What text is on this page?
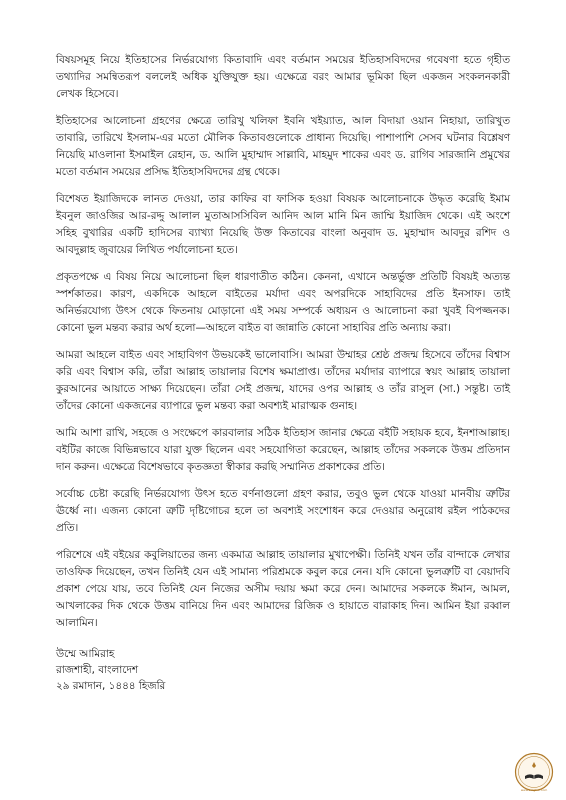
বিষয়সমূহ নিয়ে ইতিহাসের নির্ভরযোগ্য কিতাবাদি এবং বর্তমান সময়ের ইতিহাসবিদদের গবেষণা হতে গৃহীত তথ্যাদির সমন্বিতরূপ বললেই অধিক যুক্তিযুক্ত হয়। এক্ষেত্রে বরং আমার ভূমিকা ছিল একজন সংকলনকারী লেখক হিসেবে।

ইতিহাসের আলোচনা গ্রহণের ক্ষেত্রে তারিখু খলিফা ইবনি খইয়্যাত, আল বিদায়া ওয়ান নিহায়া, তারিখুত তাবারি, তারিখে ইসলাম-এর মতো মৌলিক কিতাবগুলোকে প্রাধান্য দিয়েছি। পাশাপাশি সেসব ঘটনার বিশ্লেষণ নিয়েছি মাওলানা ইসমাইল রেহান, ড. আলি মুহাম্মাদ সাল্লাবি, মাহমুদ শাকের এবং ড. রাগিব সারজানি প্রমুখের মতো বর্তমান সময়ের প্রসিদ্ধ ইতিহাসবিদদের গ্রন্থ থেকে।

বিশেষত ইয়াজিদকে লানত দেওয়া, তার কাফির বা ফাসিক হওয়া বিষয়ক আলোচনাকে উদ্ধৃত করেছি ইমাম ইবনুল জাওজির আর-রদ্দু আলাল মুতাআসসিবিল আনিদ আল মানি মিন জাম্মি ইয়াজিদ থেকে। এই অংশে সহিহ বুখারির একটি হাদিসের ব্যাখ্যা নিয়েছি উক্ত কিতাবের বাংলা অনুবাদ ড. মুহাম্মাদ আবদুর রশিদ ও আবদুল্লাহ জুবায়ের লিখিত পর্যালোচনা হতে।

প্রকৃতপক্ষে এ বিষয় নিয়ে আলোচনা ছিল ধারণাতীত কঠিন। কেননা, এখানে অন্তর্ভুক্ত প্রতিটি বিষয়ই অত্যন্ত স্পর্শকাতর। কারণ, একদিকে আহলে বাইতের মর্যাদা এবং অপরদিকে সাহাবিদের প্রতি ইনসাফ। তাই অনির্ভরযোগ্য উৎস থেকে ফিতনায় মোড়ানো এই সময় সম্পর্কে অধ্যয়ন ও আলোচনা করা খুবই বিপজ্জনক। কোনো ভুল মন্তব্য করার অর্থ হলো—আহলে বাইত বা জান্নাতি কোনো সাহাবির প্রতি অন্যায় করা।

আমরা আহলে বাইত এবং সাহাবিগণ উভয়কেই ভালোবাসি। আমরা উম্মাহর শ্রেষ্ঠ প্রজন্ম হিসেবে তাঁদের বিশ্বাস করি এবং বিশ্বাস করি, তাঁরা আল্লাহ তায়ালার বিশেষ ক্ষমাপ্রাপ্ত। তাঁদের মর্যাদার ব্যাপারে স্বয়ং আল্লাহ তায়ালা কুরআনের আয়াতে সাক্ষ্য দিয়েছেন। তাঁরা সেই প্রজন্ম, যাদের ওপর আল্লাহ ও তাঁর রাসুল (সা.) সন্তুষ্ট। তাই তাঁদের কোনো একজনের ব্যাপারে ভুল মন্তব্য করা অবশ্যই মারাত্মক গুনাহ।

আমি আশা রাখি, সহজে ও সংক্ষেপে কারবালার সঠিক ইতিহাস জানার ক্ষেত্রে বইটি সহায়ক হবে, ইনশাআল্লাহ। বইটির কাজে বিভিন্নভাবে যারা যুক্ত ছিলেন এবং সহযোগিতা করেছেন, আল্লাহ তাঁদের সকলকে উত্তম প্রতিদান দান করুন। এক্ষেত্রে বিশেষভাবে কৃতজ্ঞতা স্বীকার করছি সম্মানিত প্রকাশকের প্রতি।

সর্বোচ্চ চেষ্টা করেছি নির্ভরযোগ্য উৎস হতে বর্ণনাগুলো গ্রহণ করার, তবুও ভুল থেকে যাওয়া মানবীয় ত্রুটির ঊর্ধ্বে না। এজন্য কোনো ত্রুটি দৃষ্টিগোচর হলে তা অবশ্যই সংশোধন করে দেওয়ার অনুরোধ রইল পাঠকদের প্রতি।

পরিশেষে এই বইয়ের কবুলিয়াতের জন্য একমাত্র আল্লাহ তায়ালার মুখাপেক্ষী। তিনিই যখন তাঁর বান্দাকে লেখার তাওফিক দিয়েছেন, তখন তিনিই যেন এই সামান্য পরিশ্রমকে কবুল করে নেন। যদি কোনো ভুলত্রুটি বা বেয়াদবি প্রকাশ পেয়ে যায়, তবে তিনিই যেন নিজের অসীম দয়ায় ক্ষমা করে দেন। আমাদের সকলকে ঈমান, আমল, আখলাকের দিক থেকে উত্তম বানিয়ে দিন এবং আমাদের রিজিক ও হায়াতে বারাকাহ দিন। আমিন ইয়া রব্বাল আলামিন।

উম্মে আমিরাহ
রাজশাহী, বাংলাদেশ
২৯ রমাদান, ১৪৪৪ হিজরি
www.boighar.com
